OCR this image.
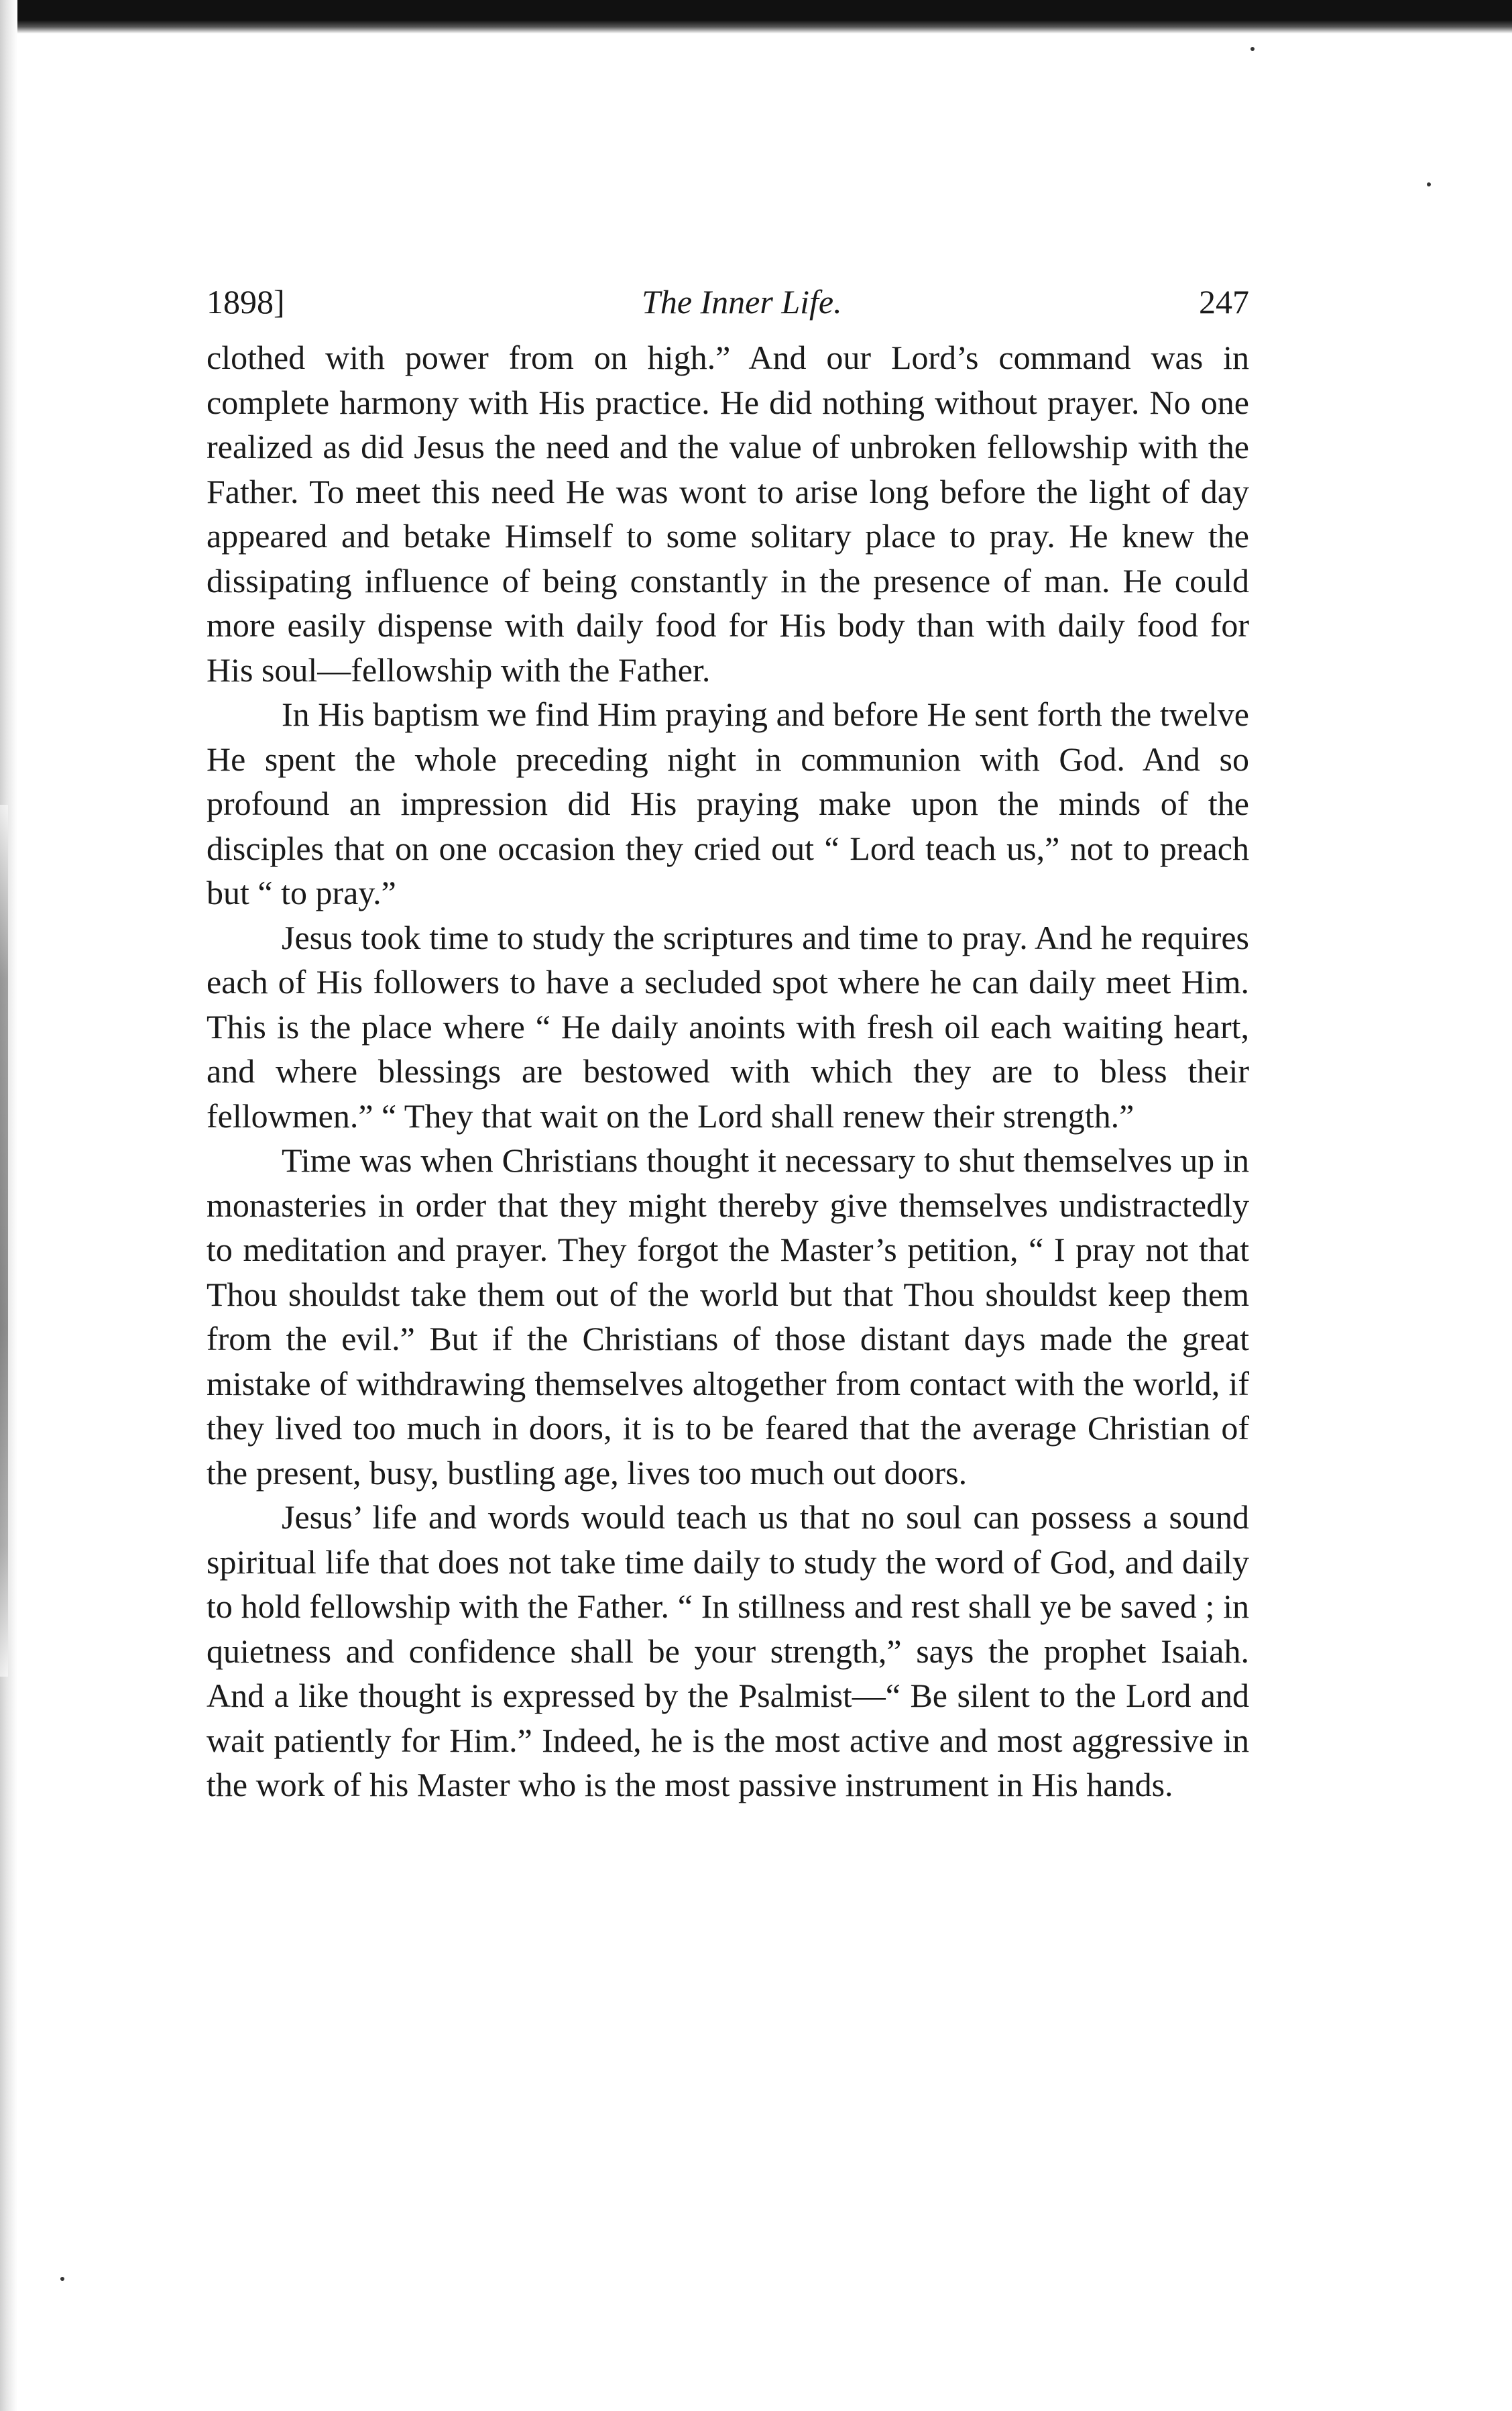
1898]	The Inner Life.	247

clothed with power from on high.” And our Lord’s command was in complete harmony with His practice. He did nothing without prayer. No one realized as did Jesus the need and the value of unbroken fellowship with the Father. To meet this need He was wont to arise long before the light of day appeared and betake Himself to some solitary place to pray. He knew the dissipating influence of being constantly in the presence of man. He could more easily dispense with daily food for His body than with daily food for His soul—fellowship with the Father.

In His baptism we find Him praying and before He sent forth the twelve He spent the whole preceding night in communion with God. And so profound an impression did His praying make upon the minds of the disciples that on one occasion they cried out “ Lord teach us,” not to preach but “ to pray.”

Jesus took time to study the scriptures and time to pray. And he requires each of His followers to have a secluded spot where he can daily meet Him. This is the place where “ He daily anoints with fresh oil each waiting heart, and where blessings are bestowed with which they are to bless their fellowmen.” “ They that wait on the Lord shall renew their strength.”

Time was when Christians thought it necessary to shut themselves up in monasteries in order that they might thereby give themselves undistractedly to meditation and prayer. They forgot the Master’s petition, “ I pray not that Thou shouldst take them out of the world but that Thou shouldst keep them from the evil.” But if the Christians of those distant days made the great mistake of withdrawing themselves altogether from contact with the world, if they lived too much in doors, it is to be feared that the average Christian of the present, busy, bustling age, lives too much out doors.

Jesus’ life and words would teach us that no soul can possess a sound spiritual life that does not take time daily to study the word of God, and daily to hold fellowship with the Father. “ In stillness and rest shall ye be saved ; in quietness and confidence shall be your strength,” says the prophet Isaiah. And a like thought is expressed by the Psalmist—“ Be silent to the Lord and wait patiently for Him.” Indeed, he is the most active and most aggressive in the work of his Master who is the most passive instrument in His hands.
